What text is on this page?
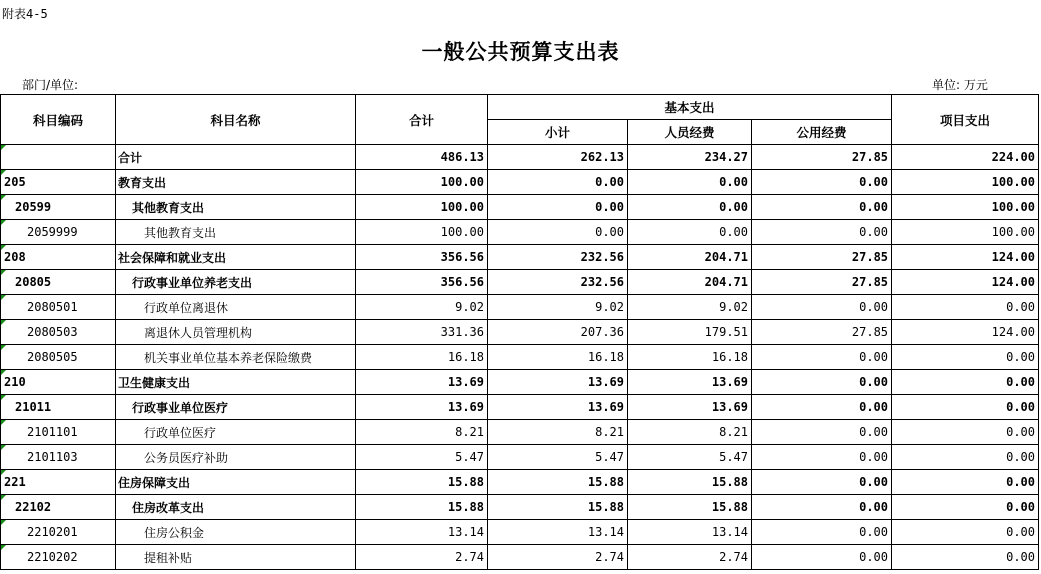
附表4-5
一般公共预算支出表
部门/单位:	单位: 万元
科目编码	科目名称	合计	基本支出			项目支出
			小计	人员经费	公用经费	
	合计	486.13	262.13	234.27	27.85	224.00
205	教育支出	100.00	0.00	0.00	0.00	100.00
20599	其他教育支出	100.00	0.00	0.00	0.00	100.00
2059999	其他教育支出	100.00	0.00	0.00	0.00	100.00
208	社会保障和就业支出	356.56	232.56	204.71	27.85	124.00
20805	行政事业单位养老支出	356.56	232.56	204.71	27.85	124.00
2080501	行政单位离退休	9.02	9.02	9.02	0.00	0.00
2080503	离退休人员管理机构	331.36	207.36	179.51	27.85	124.00
2080505	机关事业单位基本养老保险缴费	16.18	16.18	16.18	0.00	0.00
210	卫生健康支出	13.69	13.69	13.69	0.00	0.00
21011	行政事业单位医疗	13.69	13.69	13.69	0.00	0.00
2101101	行政单位医疗	8.21	8.21	8.21	0.00	0.00
2101103	公务员医疗补助	5.47	5.47	5.47	0.00	0.00
221	住房保障支出	15.88	15.88	15.88	0.00	0.00
22102	住房改革支出	15.88	15.88	15.88	0.00	0.00
2210201	住房公积金	13.14	13.14	13.14	0.00	0.00
2210202	提租补贴	2.74	2.74	2.74	0.00	0.00
